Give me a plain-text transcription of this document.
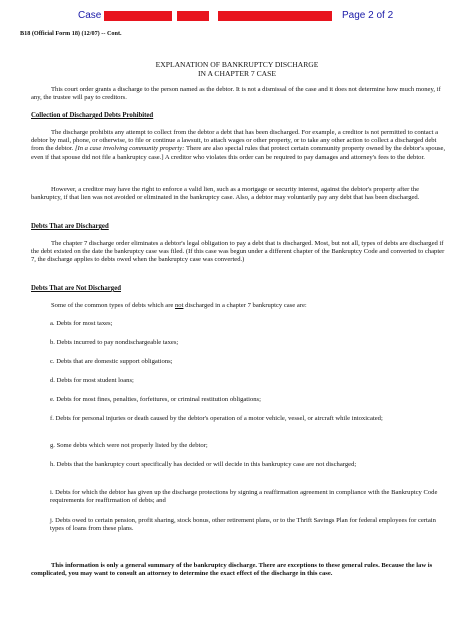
Case	Page 2 of 2
B18 (Official Form 18) (12/07) -- Cont.
EXPLANATION OF BANKRUPTCY DISCHARGE
IN A CHAPTER 7 CASE

This court order grants a discharge to the person named as the debtor. It is not a dismissal of the case and it does not determine how much money, if any, the trustee will pay to creditors.

Collection of Discharged Debts Prohibited

The discharge prohibits any attempt to collect from the debtor a debt that has been discharged. For example, a creditor is not permitted to contact a debtor by mail, phone, or otherwise, to file or continue a lawsuit, to attach wages or other property, or to take any other action to collect a discharged debt from the debtor. [In a case involving community property: There are also special rules that protect certain community property owned by the debtor's spouse, even if that spouse did not file a bankruptcy case.] A creditor who violates this order can be required to pay damages and attorney's fees to the debtor.

However, a creditor may have the right to enforce a valid lien, such as a mortgage or security interest, against the debtor's property after the bankruptcy, if that lien was not avoided or eliminated in the bankruptcy case. Also, a debtor may voluntarily pay any debt that has been discharged.

Debts That are Discharged

The chapter 7 discharge order eliminates a debtor's legal obligation to pay a debt that is discharged. Most, but not all, types of debts are discharged if the debt existed on the date the bankruptcy case was filed. (If this case was begun under a different chapter of the Bankruptcy Code and converted to chapter 7, the discharge applies to debts owed when the bankruptcy case was converted.)

Debts That are Not Discharged

Some of the common types of debts which are not discharged in a chapter 7 bankruptcy case are:

a. Debts for most taxes;

b. Debts incurred to pay nondischargeable taxes;

c. Debts that are domestic support obligations;

d. Debts for most student loans;

e. Debts for most fines, penalties, forfeitures, or criminal restitution obligations;

f. Debts for personal injuries or death caused by the debtor's operation of a motor vehicle, vessel, or aircraft while intoxicated;

g. Some debts which were not properly listed by the debtor;

h. Debts that the bankruptcy court specifically has decided or will decide in this bankruptcy case are not discharged;

i. Debts for which the debtor has given up the discharge protections by signing a reaffirmation agreement in compliance with the Bankruptcy Code requirements for reaffirmation of debts; and

j. Debts owed to certain pension, profit sharing, stock bonus, other retirement plans, or to the Thrift Savings Plan for federal employees for certain types of loans from these plans.

This information is only a general summary of the bankruptcy discharge. There are exceptions to these general rules. Because the law is complicated, you may want to consult an attorney to determine the exact effect of the discharge in this case.
